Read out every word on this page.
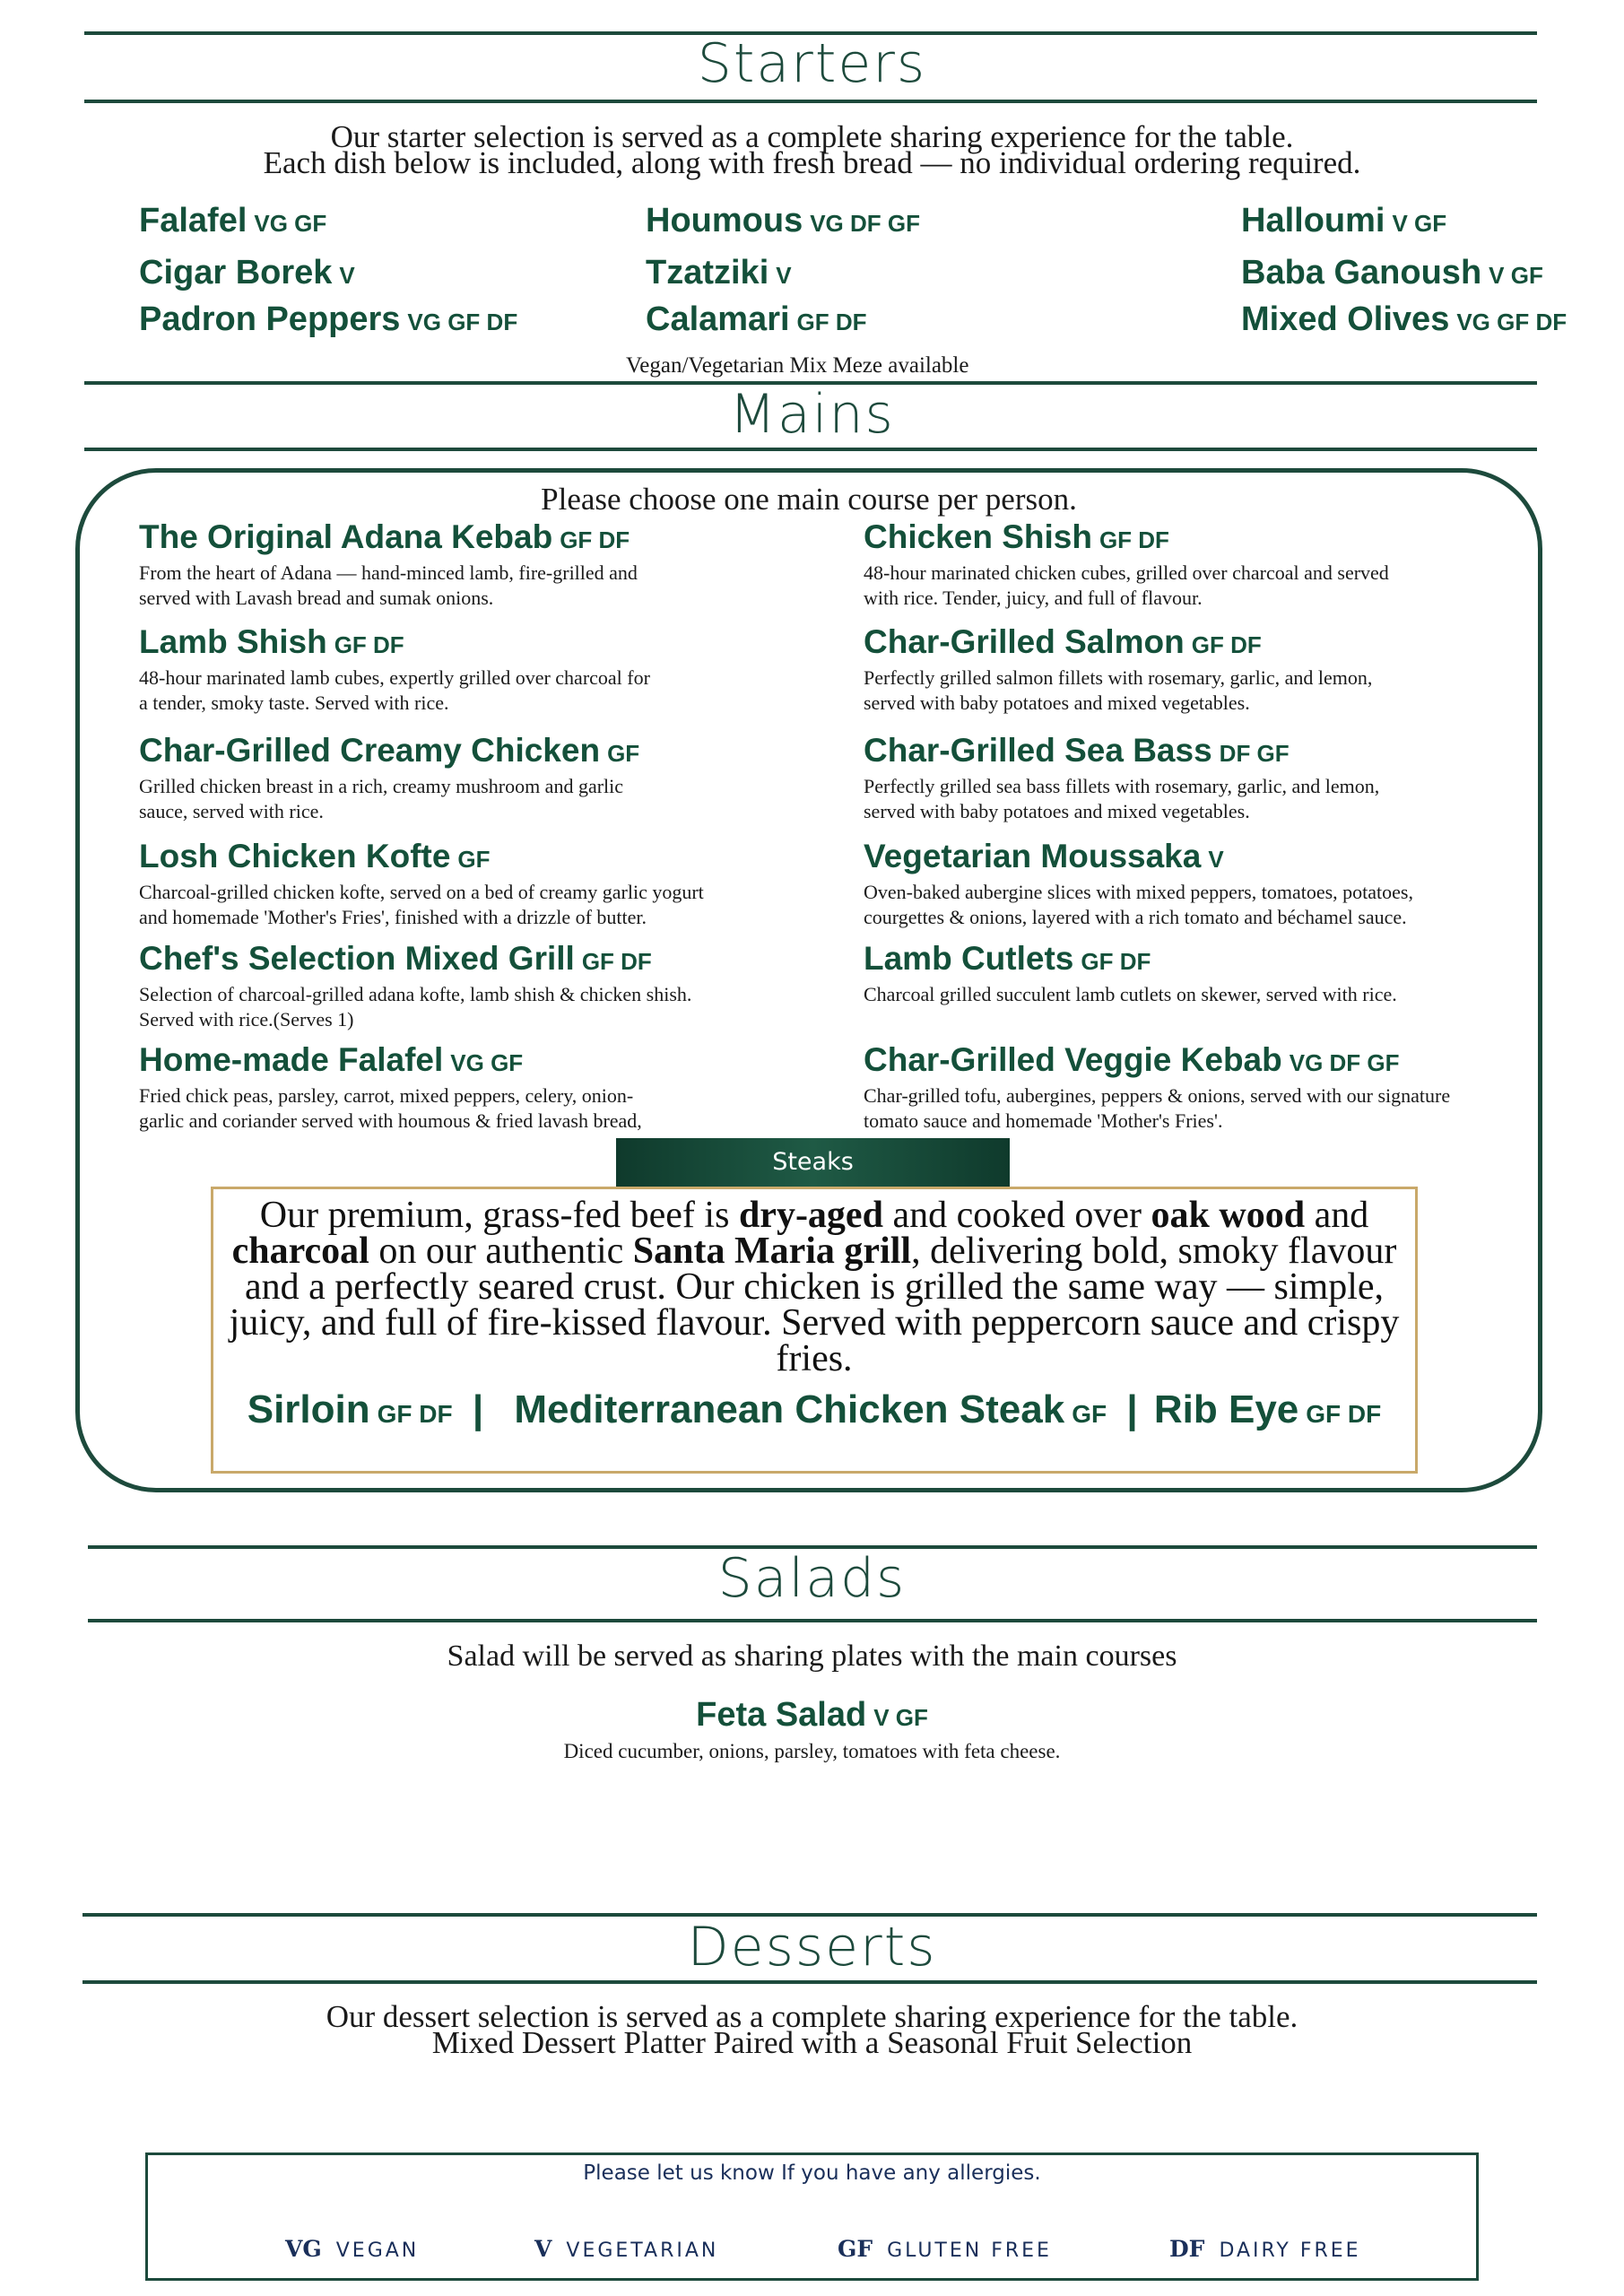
Starters
Our starter selection is served as a complete sharing experience for the table.
Each dish below is included, along with fresh bread — no individual ordering required.
Falafel VG GF
Cigar Borek V
Padron Peppers VG GF DF
Houmous VG DF GF
Tzatziki V
Calamari GF DF
Halloumi V GF
Baba Ganoush V GF
Mixed Olives VG GF DF
Vegan/Vegetarian Mix Meze available
Mains
Please choose one main course per person.
The Original Adana Kebab GF DF
From the heart of Adana — hand-minced lamb, fire-grilled and
served with Lavash bread and sumak onions.
Lamb Shish GF DF
48-hour marinated lamb cubes, expertly grilled over charcoal for
a tender, smoky taste. Served with rice.
Char-Grilled Creamy Chicken GF
Grilled chicken breast in a rich, creamy mushroom and garlic
sauce, served with rice.
Losh Chicken Kofte GF
Charcoal-grilled chicken kofte, served on a bed of creamy garlic yogurt
and homemade 'Mother's Fries', finished with a drizzle of butter.
Chef's Selection Mixed Grill GF DF
Selection of charcoal-grilled adana kofte, lamb shish & chicken shish.
Served with rice.(Serves 1)
Home-made Falafel VG GF
Fried chick peas, parsley, carrot, mixed peppers, celery, onion-
garlic and coriander served with houmous & fried lavash bread,
Chicken Shish GF DF
48-hour marinated chicken cubes, grilled over charcoal and served
with rice. Tender, juicy, and full of flavour.
Char-Grilled Salmon GF DF
Perfectly grilled salmon fillets with rosemary, garlic, and lemon,
served with baby potatoes and mixed vegetables.
Char-Grilled Sea Bass DF GF
Perfectly grilled sea bass fillets with rosemary, garlic, and lemon,
served with baby potatoes and mixed vegetables.
Vegetarian Moussaka V
Oven-baked aubergine slices with mixed peppers, tomatoes, potatoes,
courgettes & onions, layered with a rich tomato and béchamel sauce.
Lamb Cutlets GF DF
Charcoal grilled succulent lamb cutlets on skewer, served with rice.
Char-Grilled Veggie Kebab VG DF GF
Char-grilled tofu, aubergines, peppers & onions, served with our signature
tomato sauce and homemade 'Mother's Fries'.
Steaks
Our premium, grass-fed beef is dry-aged and cooked over oak wood and charcoal on our authentic Santa Maria grill, delivering bold, smoky flavour and a perfectly seared crust. Our chicken is grilled the same way — simple, juicy, and full of fire-kissed flavour. Served with peppercorn sauce and crispy fries.
Sirloin GF DF | Mediterranean Chicken Steak GF | Rib Eye GF DF
Salads
Salad will be served as sharing plates with the main courses
Feta Salad V GF
Diced cucumber, onions, parsley, tomatoes with feta cheese.
Desserts
Our dessert selection is served as a complete sharing experience for the table.
Mixed Dessert Platter Paired with a Seasonal Fruit Selection
Please let us know If you have any allergies.
VG VEGAN	V VEGETARIAN	GF GLUTEN FREE	DF DAIRY FREE
